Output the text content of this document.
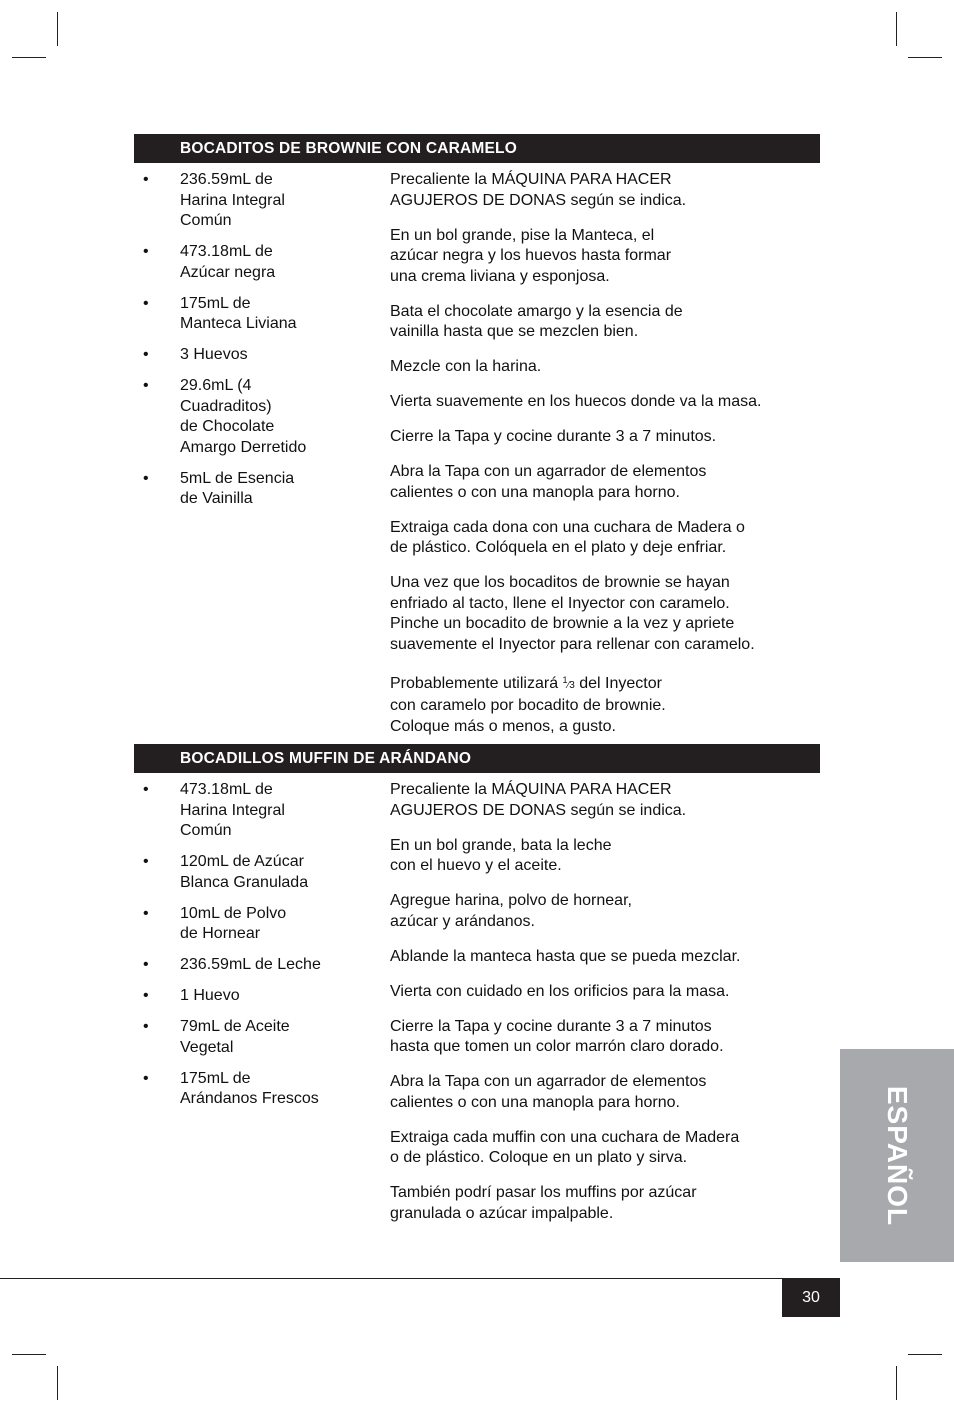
BOCADITOS DE BROWNIE CON CARAMELO
• 236.59mL de
Harina Integral
Común
• 473.18mL de
Azúcar negra
• 175mL de
Manteca Liviana
• 3 Huevos
• 29.6mL (4
Cuadraditos)
de Chocolate
Amargo Derretido
• 5mL de Esencia
de Vainilla

Precaliente la MÁQUINA PARA HACER
AGUJEROS DE DONAS según se indica.

En un bol grande, pise la Manteca, el
azúcar negra y los huevos hasta formar
una crema liviana y esponjosa.

Bata el chocolate amargo y la esencia de
vainilla hasta que se mezclen bien.

Mezcle con la harina.

Vierta suavemente en los huecos donde va la masa.

Cierre la Tapa y cocine durante 3 a 7 minutos.

Abra la Tapa con un agarrador de elementos
calientes o con una manopla para horno.

Extraiga cada dona con una cuchara de Madera o
de plástico. Colóquela en el plato y deje enfriar.

Una vez que los bocaditos de brownie se hayan
enfriado al tacto, llene el Inyector con caramelo.
Pinche un bocadito de brownie a la vez y apriete
suavemente el Inyector para rellenar con caramelo.

Probablemente utilizará $^1$⁄3 del Inyector
con caramelo por bocadito de brownie.
Coloque más o menos, a gusto.

BOCADILLOS MUFFIN DE ARÁNDANO
• 473.18mL de
Harina Integral
Común
• 120mL de Azúcar
Blanca Granulada
• 10mL de Polvo
de Hornear
• 236.59mL de Leche
• 1 Huevo
• 79mL de Aceite
Vegetal
• 175mL de
Arándanos Frescos

Precaliente la MÁQUINA PARA HACER
AGUJEROS DE DONAS según se indica.

En un bol grande, bata la leche
con el huevo y el aceite.

Agregue harina, polvo de hornear,
azúcar y arándanos.

Ablande la manteca hasta que se pueda mezclar.

Vierta con cuidado en los orificios para la masa.

Cierre la Tapa y cocine durante 3 a 7 minutos
hasta que tomen un color marrón claro dorado.

Abra la Tapa con un agarrador de elementos
calientes o con una manopla para horno.

Extraiga cada muffin con una cuchara de Madera
o de plástico. Coloque en un plato y sirva.

También podrí pasar los muffins por azúcar
granulada o azúcar impalpable.	ESPAÑOL
30
